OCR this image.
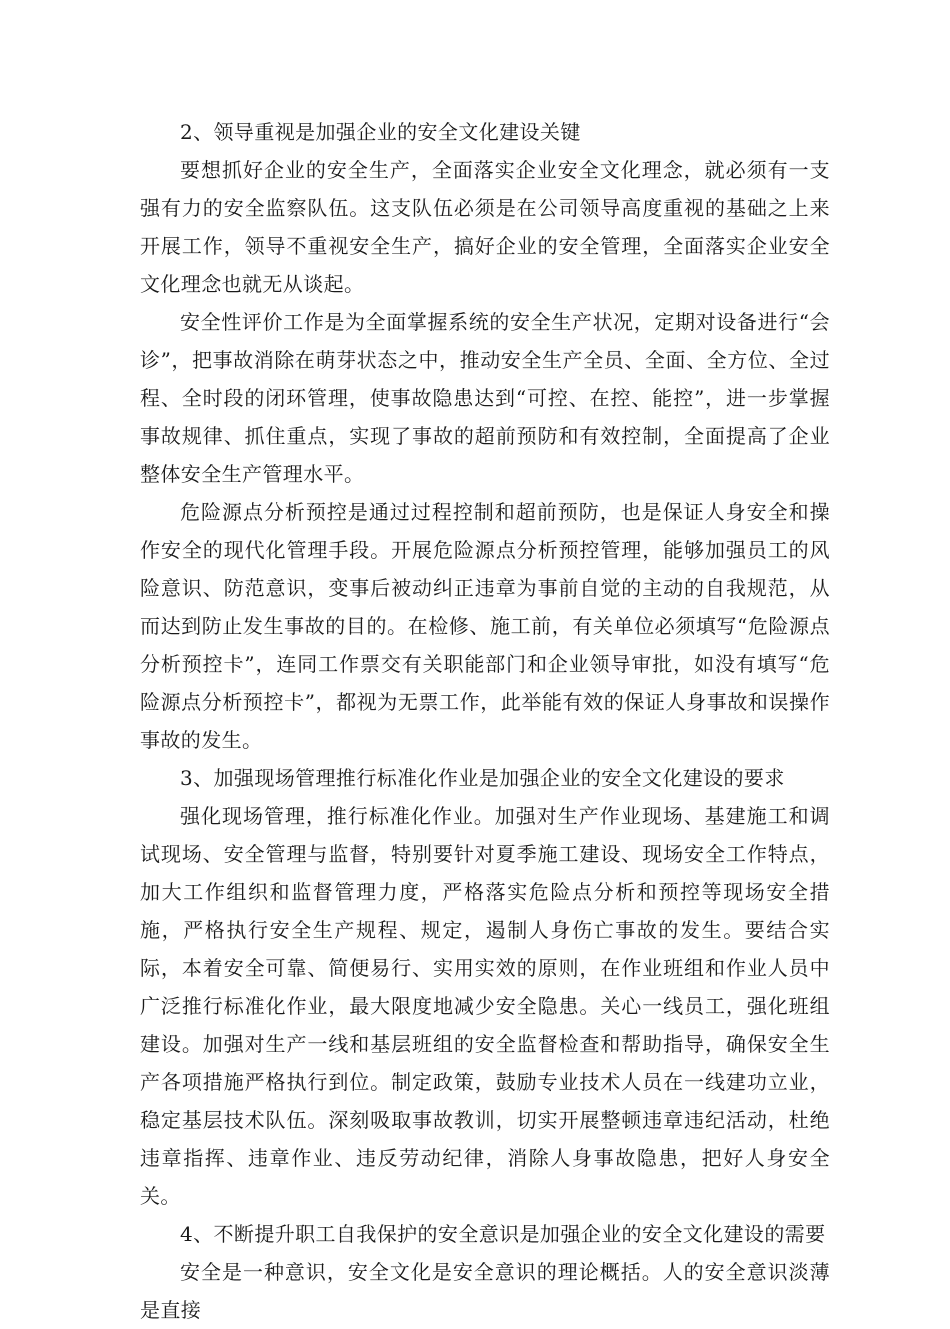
2、领导重视是加强企业的安全文化建设关键

要想抓好企业的安全生产，全面落实企业安全文化理念，就必须有一支强有力的安全监察队伍。这支队伍必须是在公司领导高度重视的基础之上来开展工作，领导不重视安全生产，搞好企业的安全管理，全面落实企业安全文化理念也就无从谈起。

安全性评价工作是为全面掌握系统的安全生产状况，定期对设备进行“会诊”，把事故消除在萌芽状态之中，推动安全生产全员、全面、全方位、全过程、全时段的闭环管理，使事故隐患达到“可控、在控、能控”，进一步掌握事故规律、抓住重点，实现了事故的超前预防和有效控制，全面提高了企业整体安全生产管理水平。

危险源点分析预控是通过过程控制和超前预防，也是保证人身安全和操作安全的现代化管理手段。开展危险源点分析预控管理，能够加强员工的风险意识、防范意识，变事后被动纠正违章为事前自觉的主动的自我规范，从而达到防止发生事故的目的。在检修、施工前，有关单位必须填写“危险源点分析预控卡”，连同工作票交有关职能部门和企业领导审批，如没有填写“危险源点分析预控卡”，都视为无票工作，此举能有效的保证人身事故和误操作事故的发生。

3、加强现场管理推行标准化作业是加强企业的安全文化建设的要求

强化现场管理，推行标准化作业。加强对生产作业现场、基建施工和调试现场、安全管理与监督，特别要针对夏季施工建设、现场安全工作特点，加大工作组织和监督管理力度，严格落实危险点分析和预控等现场安全措施，严格执行安全生产规程、规定，遏制人身伤亡事故的发生。要结合实际，本着安全可靠、简便易行、实用实效的原则，在作业班组和作业人员中广泛推行标准化作业，最大限度地减少安全隐患。关心一线员工，强化班组建设。加强对生产一线和基层班组的安全监督检查和帮助指导，确保安全生产各项措施严格执行到位。制定政策，鼓励专业技术人员在一线建功立业，稳定基层技术队伍。深刻吸取事故教训，切实开展整顿违章违纪活动，杜绝违章指挥、违章作业、违反劳动纪律，消除人身事故隐患，把好人身安全关。

4、不断提升职工自我保护的安全意识是加强企业的安全文化建设的需要

安全是一种意识，安全文化是安全意识的理论概括。人的安全意识淡薄是直接
